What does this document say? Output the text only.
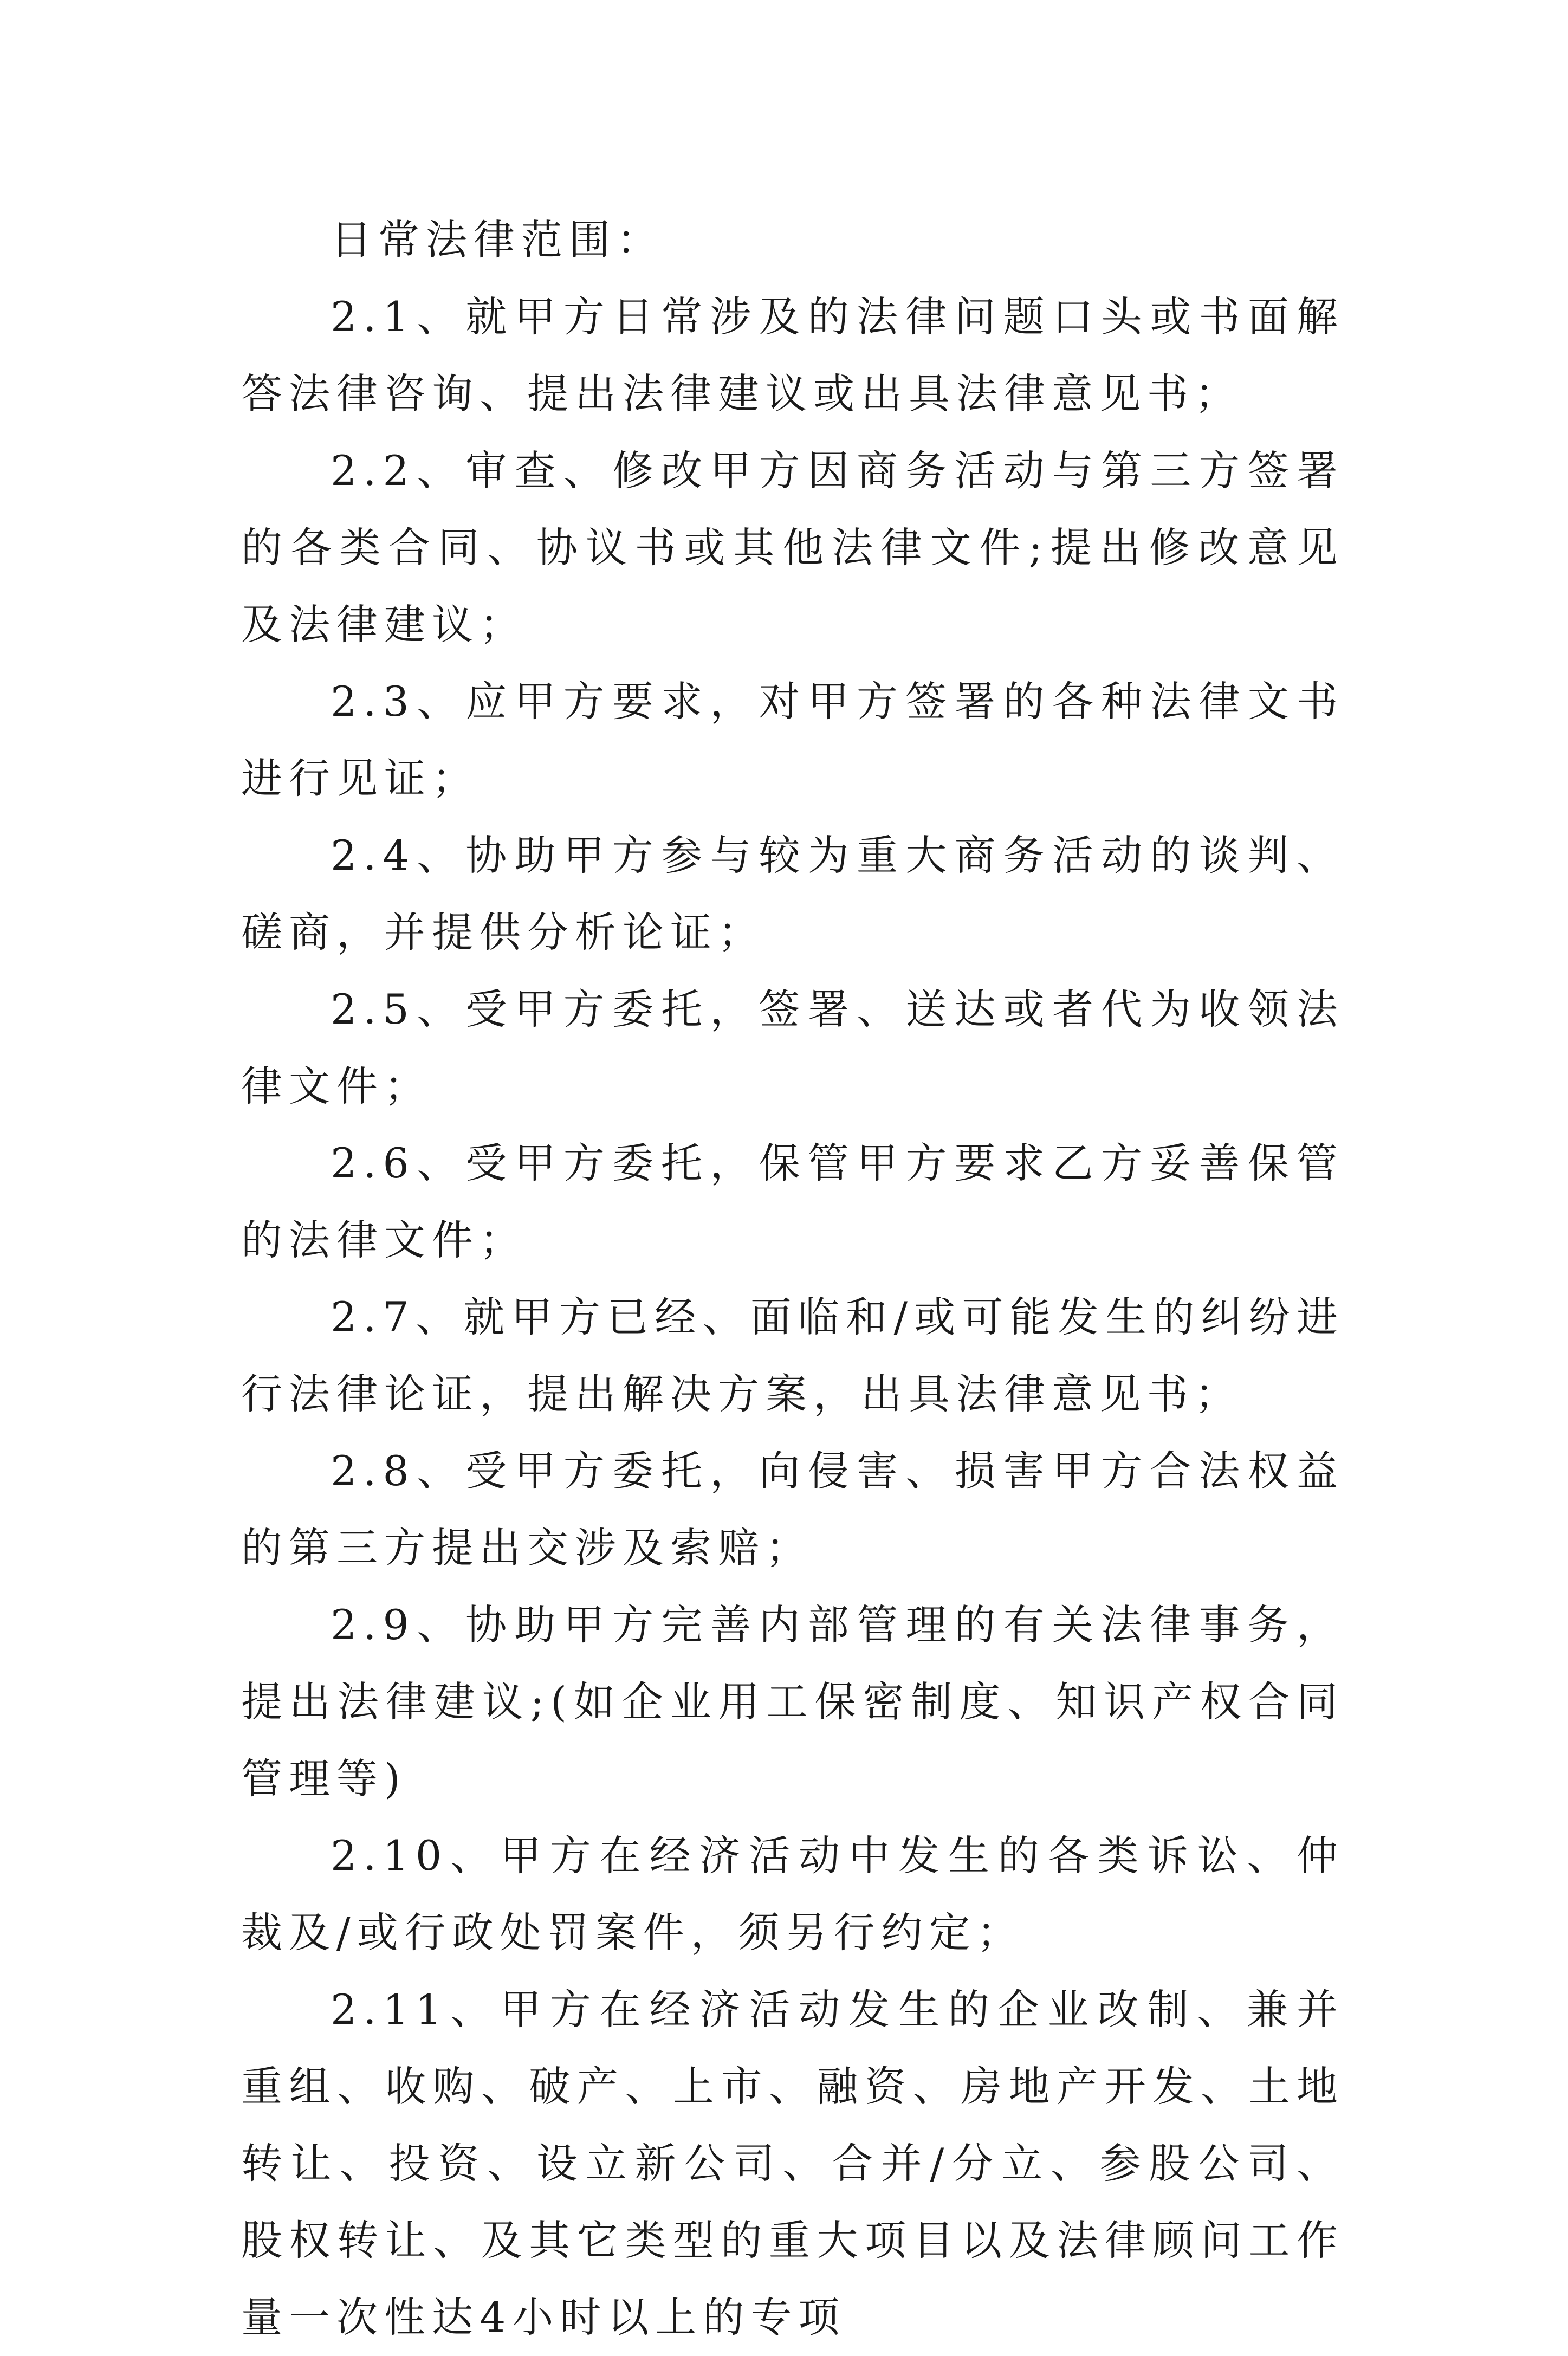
日常法律范围：

2.1、就甲方日常涉及的法律问题口头或书面解答法律咨询、提出法律建议或出具法律意见书；

2.2、审查、修改甲方因商务活动与第三方签署的各类合同、协议书或其他法律文件;提出修改意见及法律建议；

2.3、应甲方要求，对甲方签署的各种法律文书进行见证；

2.4、协助甲方参与较为重大商务活动的谈判、磋商，并提供分析论证；

2.5、受甲方委托，签署、送达或者代为收领法律文件；

2.6、受甲方委托，保管甲方要求乙方妥善保管的法律文件；

2.7、就甲方已经、面临和/或可能发生的纠纷进行法律论证，提出解决方案，出具法律意见书；

2.8、受甲方委托，向侵害、损害甲方合法权益的第三方提出交涉及索赔；

2.9、协助甲方完善内部管理的有关法律事务，提出法律建议;(如企业用工保密制度、知识产权合同管理等)

2.10、甲方在经济活动中发生的各类诉讼、仲裁及/或行政处罚案件，须另行约定；

2.11、甲方在经济活动发生的企业改制、兼并重组、收购、破产、上市、融资、房地产开发、土地转让、投资、设立新公司、合并/分立、参股公司、股权转让、及其它类型的重大项目以及法律顾问工作量一次性达4小时以上的专项
